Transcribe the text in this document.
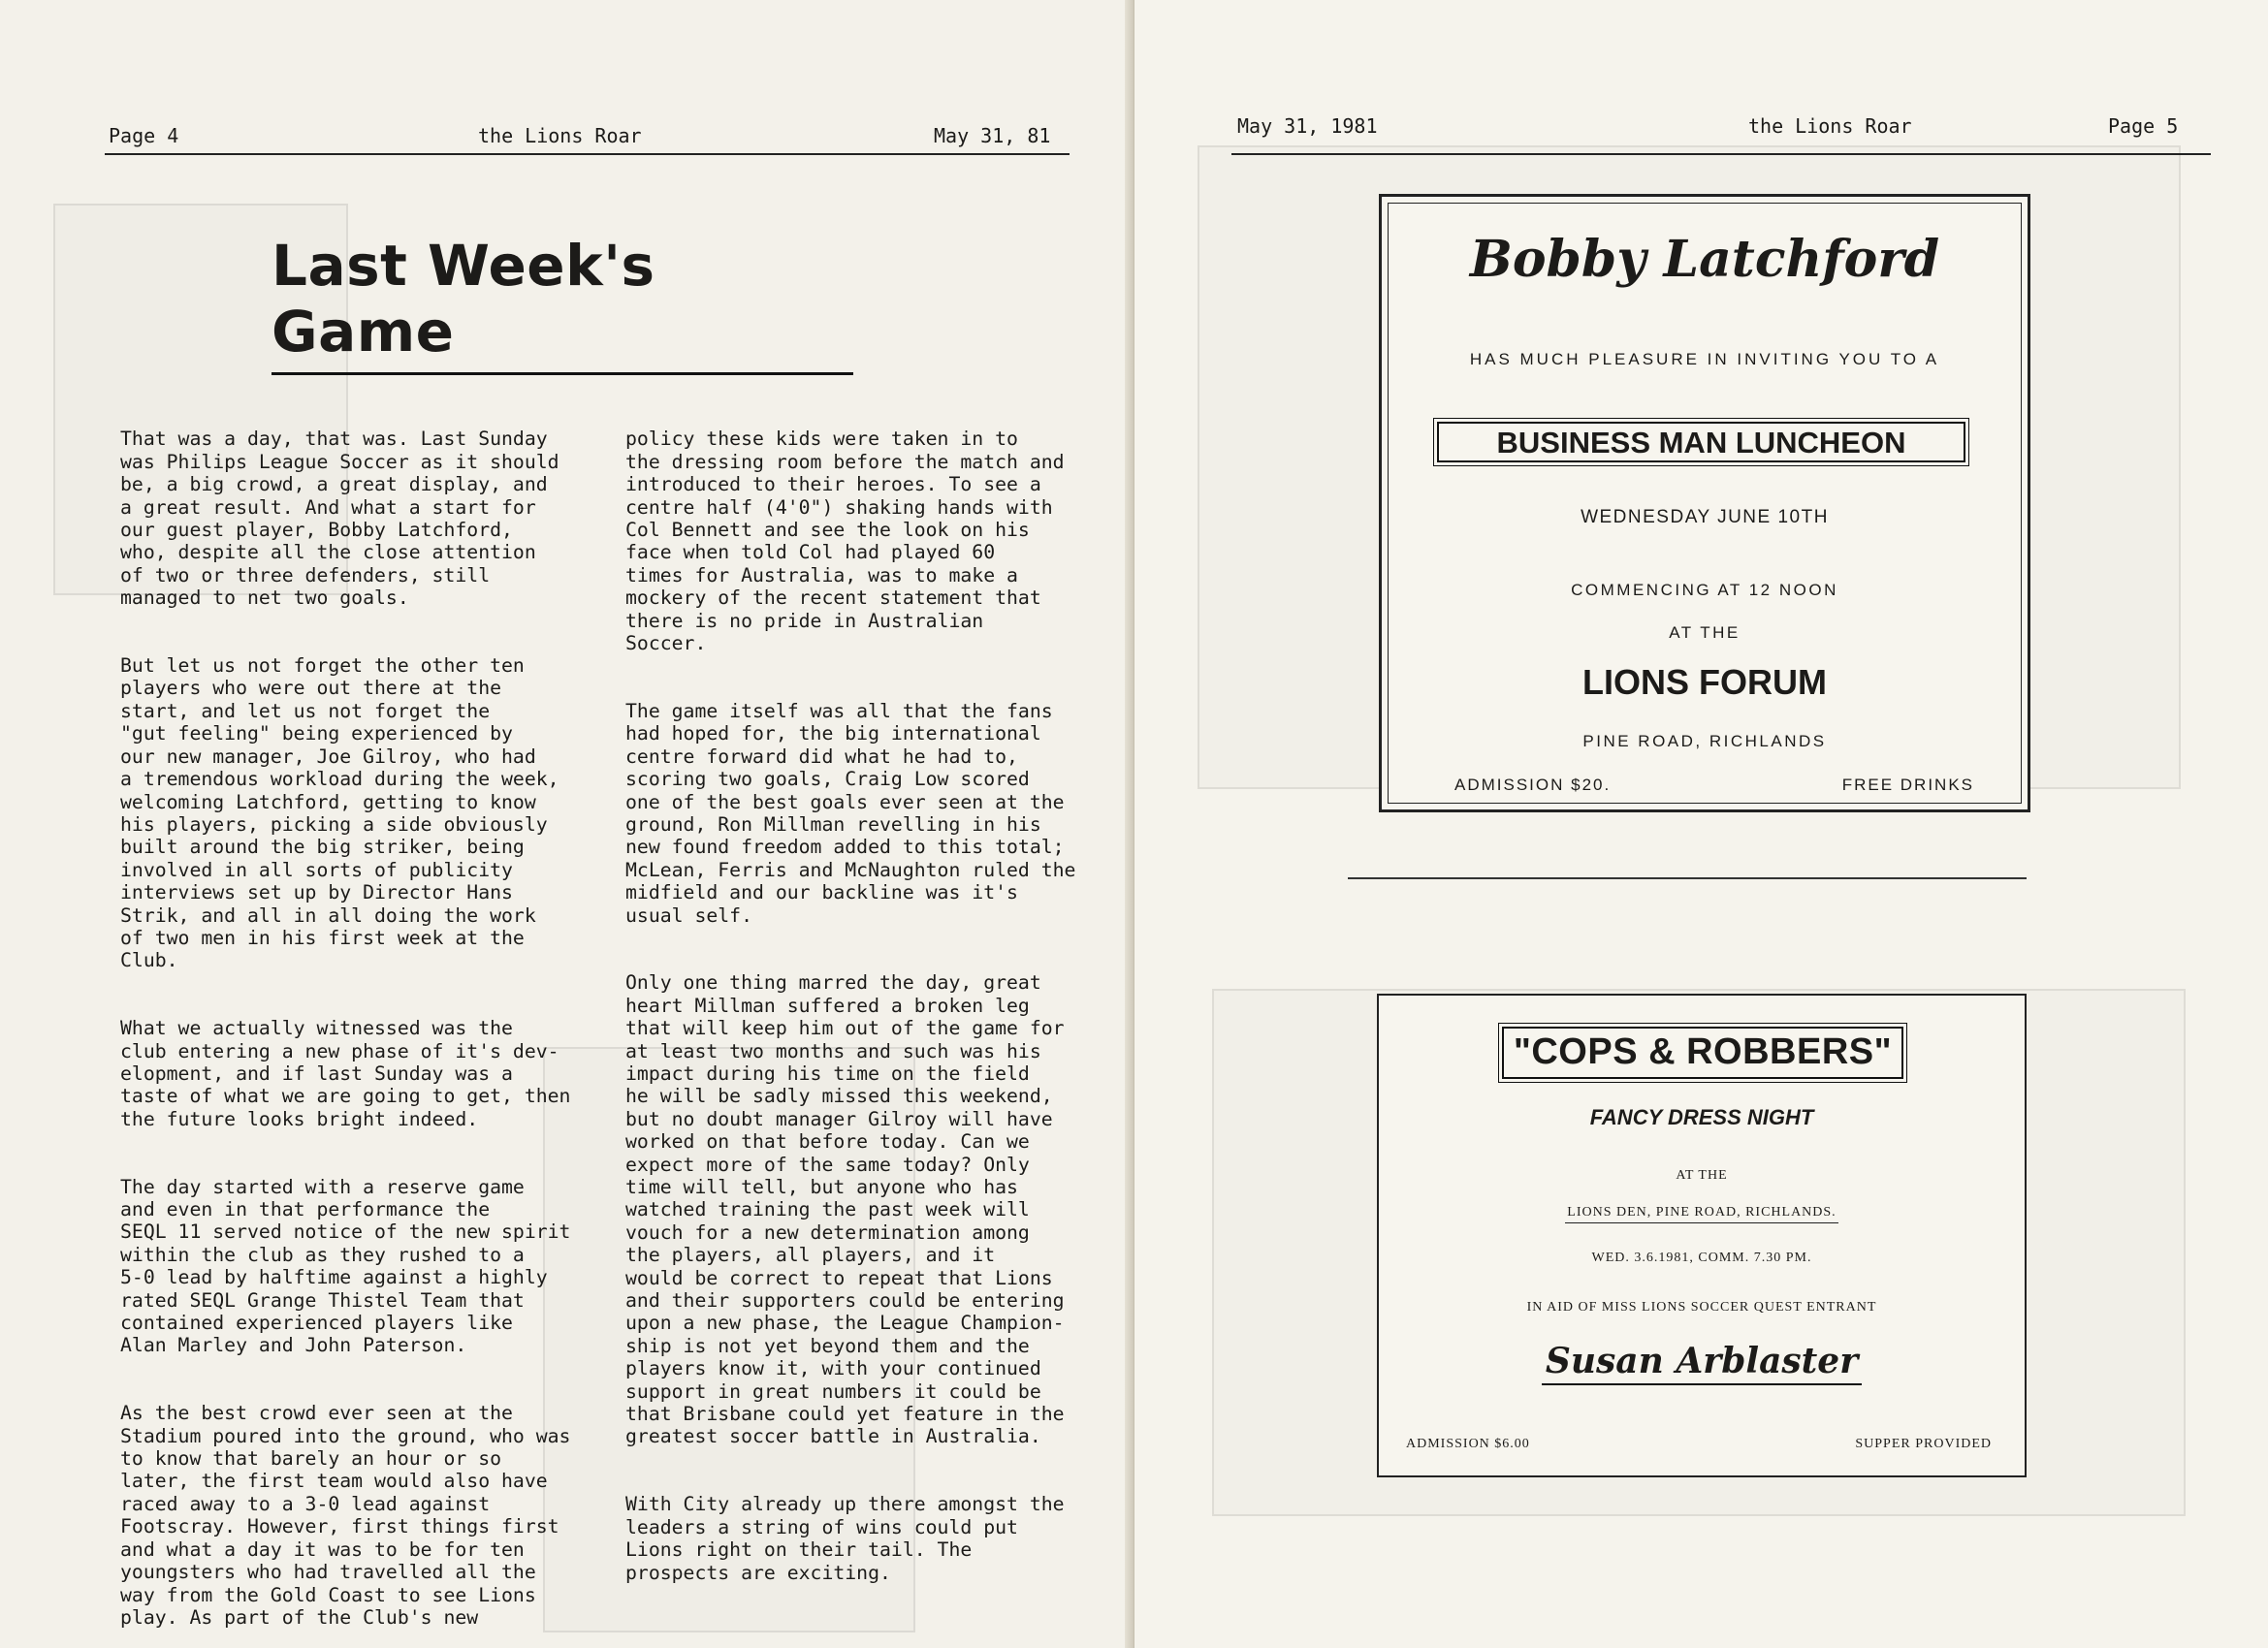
Page 4	the Lions Roar	May 31, 81
Last Week's Game

That was a day, that was. Last Sunday
was Philips League Soccer as it should
be, a big crowd, a great display, and
a great result. And what a start for
our guest player, Bobby Latchford,
who, despite all the close attention
of two or three defenders, still
managed to net two goals.

But let us not forget the other ten
players who were out there at the
start, and let us not forget the
"gut feeling" being experienced by
our new manager, Joe Gilroy, who had
a tremendous workload during the week,
welcoming Latchford, getting to know
his players, picking a side obviously
built around the big striker, being
involved in all sorts of publicity
interviews set up by Director Hans
Strik, and all in all doing the work
of two men in his first week at the
Club.

What we actually witnessed was the
club entering a new phase of it's dev-
elopment, and if last Sunday was a
taste of what we are going to get, then
the future looks bright indeed.

The day started with a reserve game
and even in that performance the
SEQL 11 served notice of the new spirit
within the club as they rushed to a
5-0 lead by halftime against a highly
rated SEQL Grange Thistel Team that
contained experienced players like
Alan Marley and John Paterson.

As the best crowd ever seen at the
Stadium poured into the ground, who was
to know that barely an hour or so
later, the first team would also have
raced away to a 3-0 lead against
Footscray. However, first things first
and what a day it was to be for ten
youngsters who had travelled all the
way from the Gold Coast to see Lions
play. As part of the Club's new

policy these kids were taken in to
the dressing room before the match and
introduced to their heroes. To see a
centre half (4'0") shaking hands with
Col Bennett and see the look on his
face when told Col had played 60
times for Australia, was to make a
mockery of the recent statement that
there is no pride in Australian
Soccer.

The game itself was all that the fans
had hoped for, the big international
centre forward did what he had to,
scoring two goals, Craig Low scored
one of the best goals ever seen at the
ground, Ron Millman revelling in his
new found freedom added to this total;
McLean, Ferris and McNaughton ruled the
midfield and our backline was it's
usual self.

Only one thing marred the day, great
heart Millman suffered a broken leg
that will keep him out of the game for
at least two months and such was his
impact during his time on the field
he will be sadly missed this weekend,
but no doubt manager Gilroy will have
worked on that before today. Can we
expect more of the same today? Only
time will tell, but anyone who has
watched training the past week will
vouch for a new determination among
the players, all players, and it
would be correct to repeat that Lions
and their supporters could be entering
upon a new phase, the League Champion-
ship is not yet beyond them and the
players know it, with your continued
support in great numbers it could be
that Brisbane could yet feature in the
greatest soccer battle in Australia.

With City already up there amongst the
leaders a string of wins could put
Lions right on their tail. The
prospects are exciting.

May 31, 1981	the Lions Roar	Page 5
Bobby Latchford
HAS MUCH PLEASURE IN INVITING YOU TO A
BUSINESS MAN LUNCHEON
WEDNESDAY JUNE 10TH
COMMENCING AT 12 NOON
AT THE
LIONS FORUM
PINE ROAD, RICHLANDS
ADMISSION $20.	FREE DRINKS
"COPS & ROBBERS"
FANCY DRESS NIGHT
AT THE
LIONS DEN, PINE ROAD, RICHLANDS.
WED. 3.6.1981, COMM. 7.30 PM.
IN AID OF MISS LIONS SOCCER QUEST ENTRANT
Susan Arblaster
ADMISSION $6.00	SUPPER PROVIDED
